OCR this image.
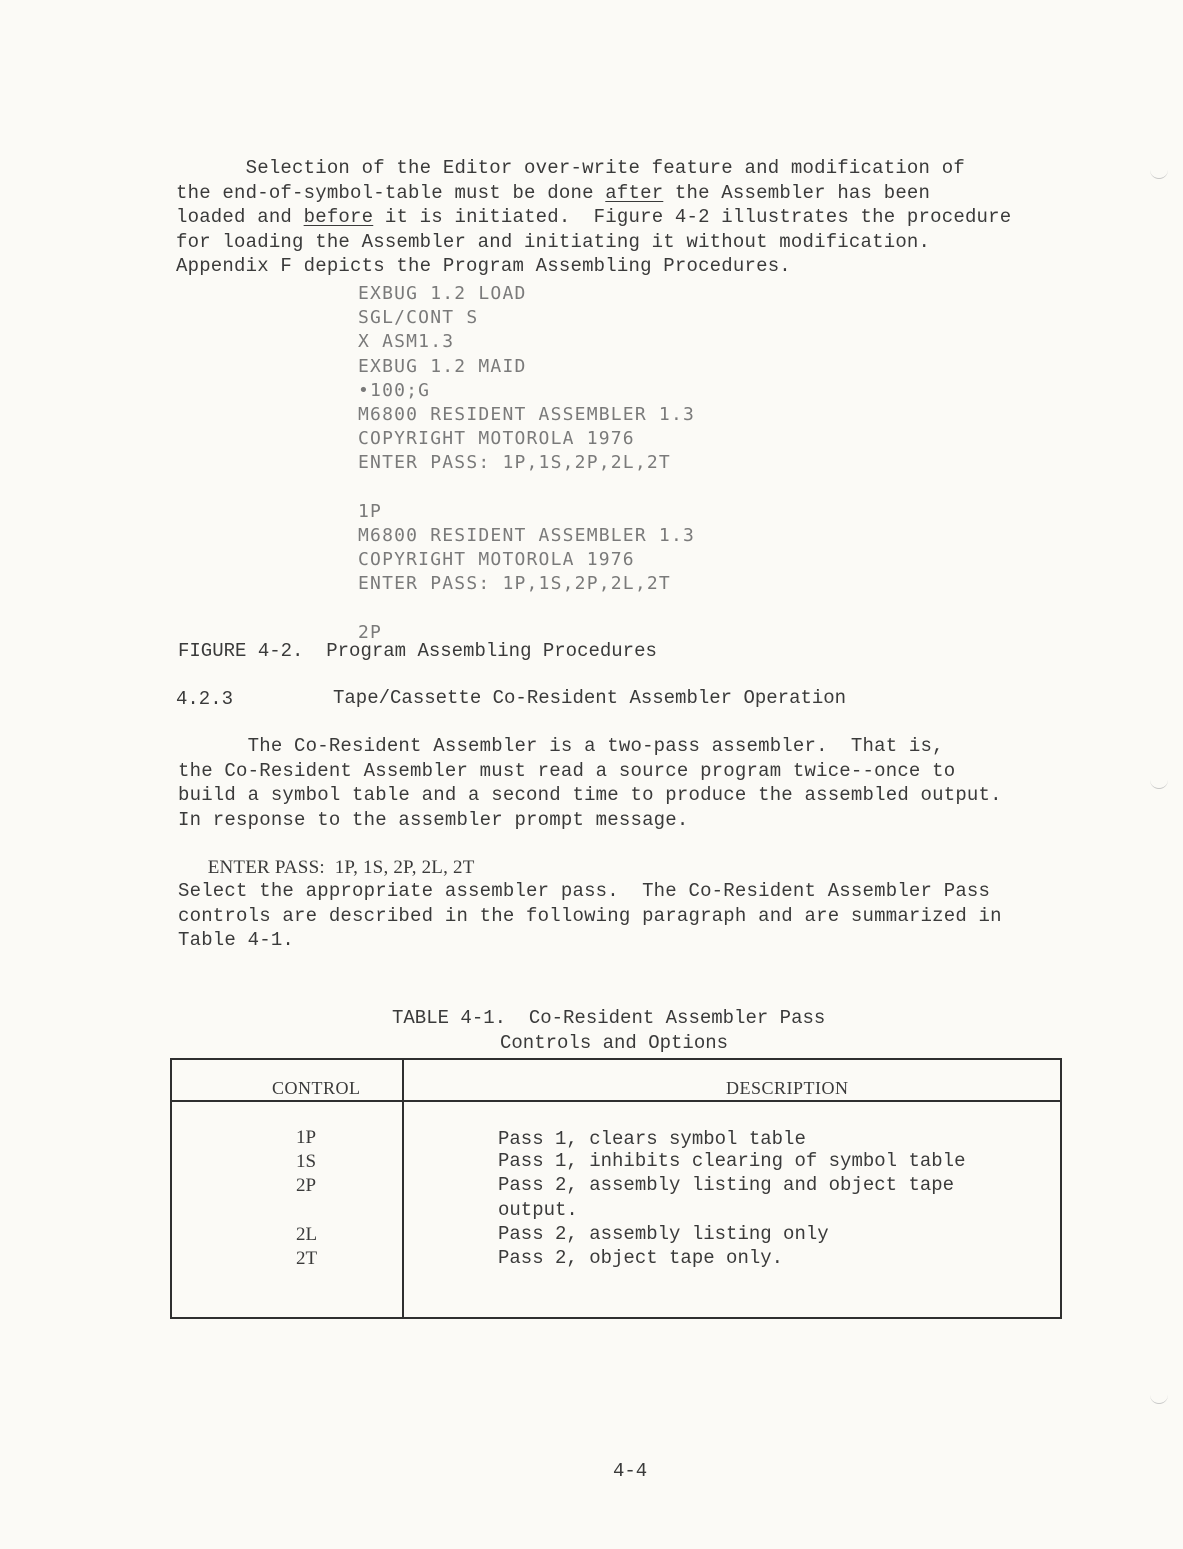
Selection of the Editor over-write feature and modification of
the end-of-symbol-table must be done after the Assembler has been
loaded and before it is initiated.  Figure 4-2 illustrates the procedure
for loading the Assembler and initiating it without modification.
Appendix F depicts the Program Assembling Procedures.
EXBUG 1.2 LOAD
SGL/CONT S
X ASM1.3
EXBUG 1.2 MAID
•100;G
M6800 RESIDENT ASSEMBLER 1.3
COPYRIGHT MOTOROLA 1976
ENTER PASS: 1P,1S,2P,2L,2T

1P
M6800 RESIDENT ASSEMBLER 1.3
COPYRIGHT MOTOROLA 1976
ENTER PASS: 1P,1S,2P,2L,2T

2P
FIGURE 4-2. Program Assembling Procedures
4.2.3	Tape/Cassette Co-Resident Assembler Operation
The Co-Resident Assembler is a two-pass assembler.  That is,
the Co-Resident Assembler must read a source program twice--once to
build a symbol table and a second time to produce the assembled output.
In response to the assembler prompt message.
ENTER PASS:  1P, 1S, 2P, 2L, 2T
Select the appropriate assembler pass.  The Co-Resident Assembler Pass
controls are described in the following paragraph and are summarized in
Table 4-1.
TABLE 4-1.  Co-Resident Assembler Pass
Controls and Options
CONTROL	DESCRIPTION
1P	Pass 1, clears symbol table
1S	Pass 1, inhibits clearing of symbol table
2P	Pass 2, assembly listing and object tape
output.
2L	Pass 2, assembly listing only
2T	Pass 2, object tape only.
4-4
